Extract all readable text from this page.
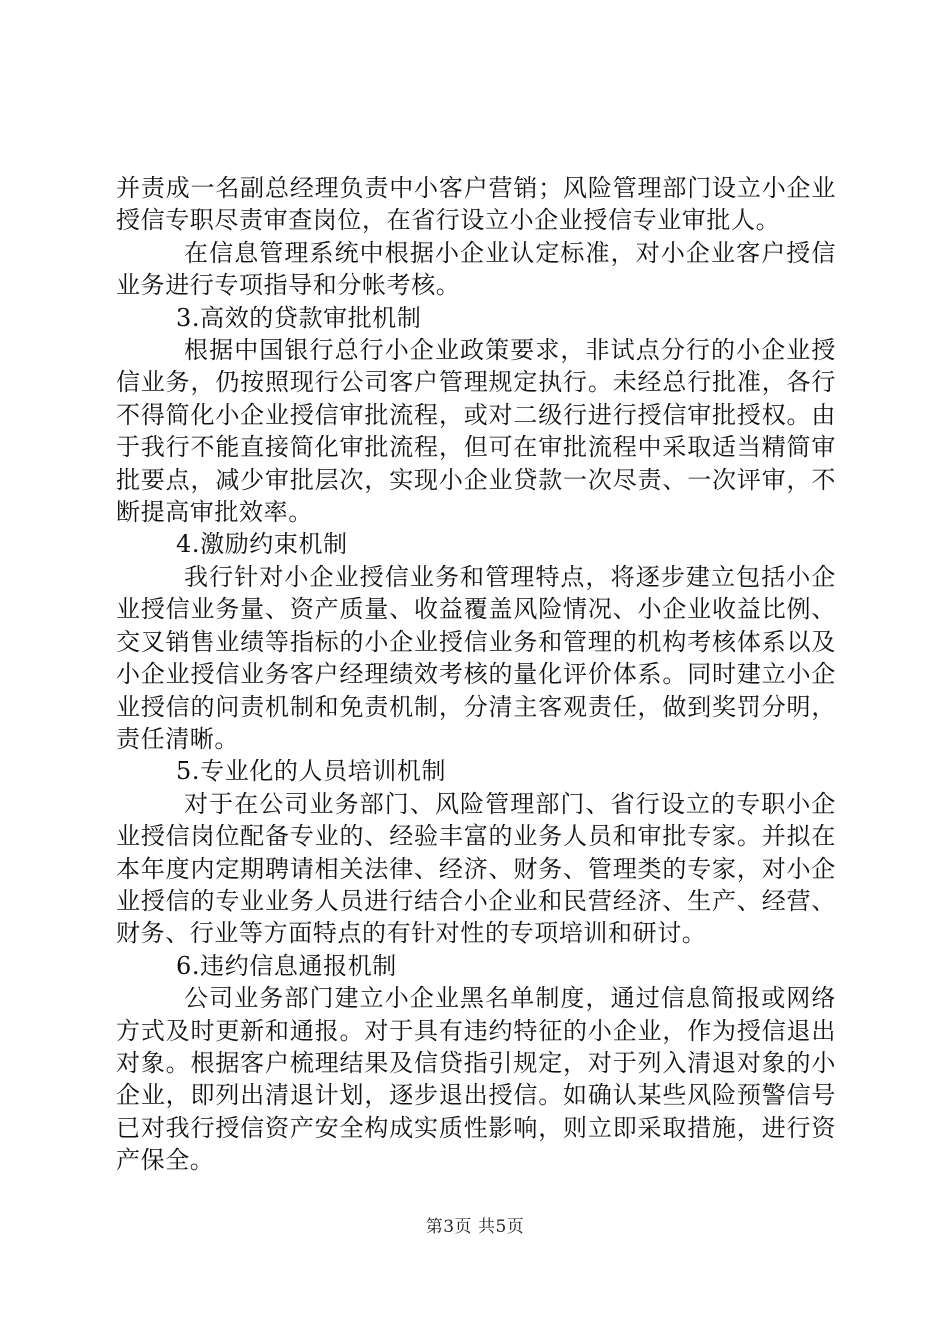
并责成一名副总经理负责中小客户营销；风险管理部门设立小企业授信专职尽责审查岗位，在省行设立小企业授信专业审批人。

在信息管理系统中根据小企业认定标准，对小企业客户授信业务进行专项指导和分帐考核。

3.高效的贷款审批机制

根据中国银行总行小企业政策要求，非试点分行的小企业授信业务，仍按照现行公司客户管理规定执行。未经总行批准，各行不得简化小企业授信审批流程，或对二级行进行授信审批授权。由于我行不能直接简化审批流程，但可在审批流程中采取适当精简审批要点，减少审批层次，实现小企业贷款一次尽责、一次评审，不断提高审批效率。

4.激励约束机制

我行针对小企业授信业务和管理特点，将逐步建立包括小企业授信业务量、资产质量、收益覆盖风险情况、小企业收益比例、交叉销售业绩等指标的小企业授信业务和管理的机构考核体系以及小企业授信业务客户经理绩效考核的量化评价体系。同时建立小企业授信的问责机制和免责机制，分清主客观责任，做到奖罚分明，责任清晰。

5.专业化的人员培训机制

对于在公司业务部门、风险管理部门、省行设立的专职小企业授信岗位配备专业的、经验丰富的业务人员和审批专家。并拟在本年度内定期聘请相关法律、经济、财务、管理类的专家，对小企业授信的专业业务人员进行结合小企业和民营经济、生产、经营、财务、行业等方面特点的有针对性的专项培训和研讨。

6.违约信息通报机制

公司业务部门建立小企业黑名单制度，通过信息简报或网络方式及时更新和通报。对于具有违约特征的小企业，作为授信退出对象。根据客户梳理结果及信贷指引规定，对于列入清退对象的小企业，即列出清退计划，逐步退出授信。如确认某些风险预警信号已对我行授信资产安全构成实质性影响，则立即采取措施，进行资产保全。

第3页 共5页
